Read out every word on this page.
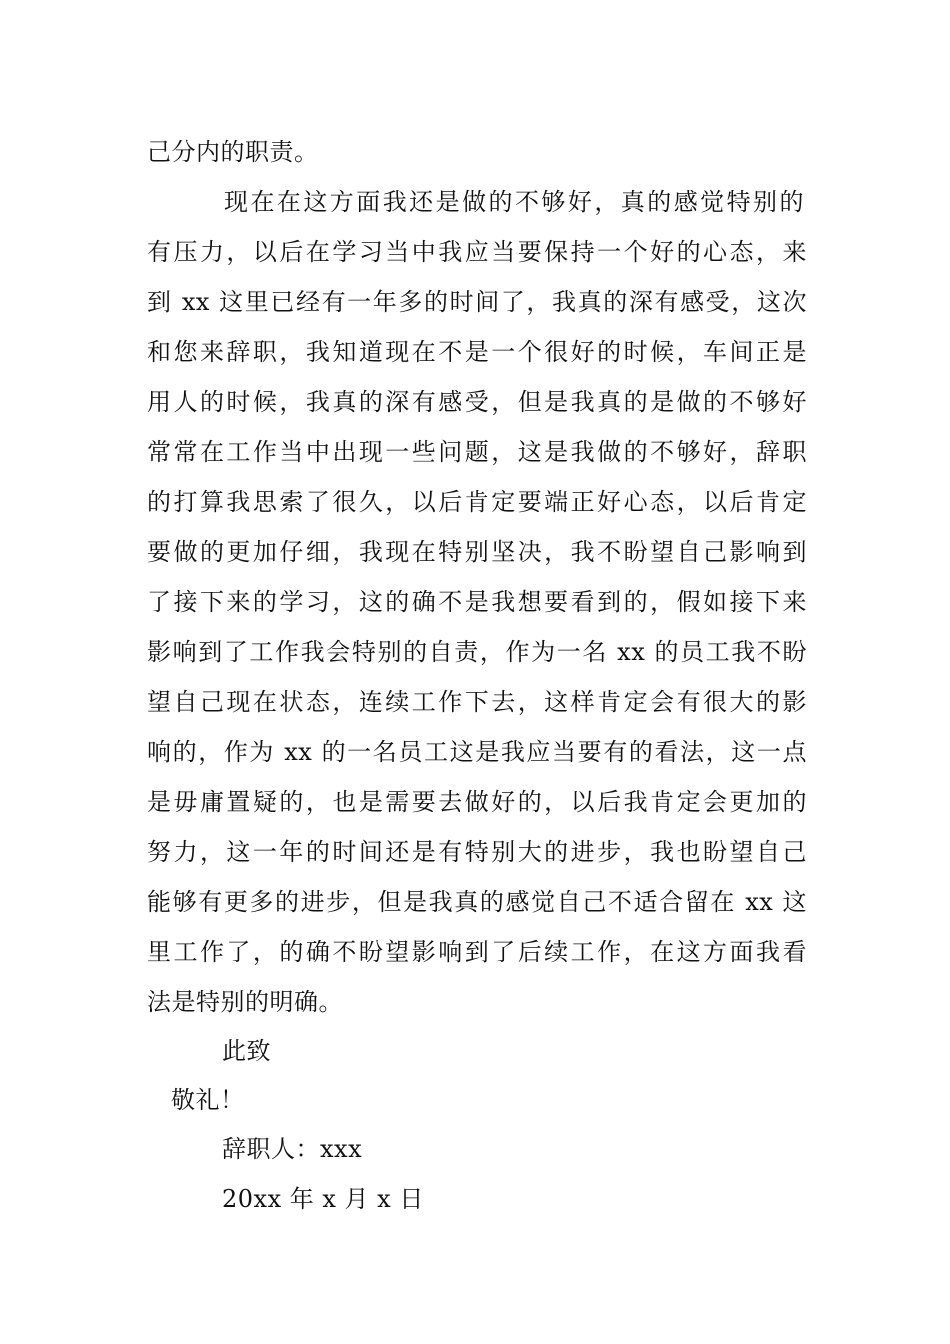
己分内的职责。
现在在这方面我还是做的不够好，真的感觉特别的
有压力，以后在学习当中我应当要保持一个好的心态，来
到 xx 这里已经有一年多的时间了，我真的深有感受，这次
和您来辞职，我知道现在不是一个很好的时候，车间正是
用人的时候，我真的深有感受，但是我真的是做的不够好
常常在工作当中出现一些问题，这是我做的不够好，辞职
的打算我思索了很久，以后肯定要端正好心态，以后肯定
要做的更加仔细，我现在特别坚决，我不盼望自己影响到
了接下来的学习，这的确不是我想要看到的，假如接下来
影响到了工作我会特别的自责，作为一名 xx 的员工我不盼
望自己现在状态，连续工作下去，这样肯定会有很大的影
响的，作为 xx 的一名员工这是我应当要有的看法，这一点
是毋庸置疑的，也是需要去做好的，以后我肯定会更加的
努力，这一年的时间还是有特别大的进步，我也盼望自己
能够有更多的进步，但是我真的感觉自己不适合留在 xx 这
里工作了，的确不盼望影响到了后续工作，在这方面我看
法是特别的明确。
此致
敬礼！
辞职人：xxx
20xx 年 x 月 x 日
